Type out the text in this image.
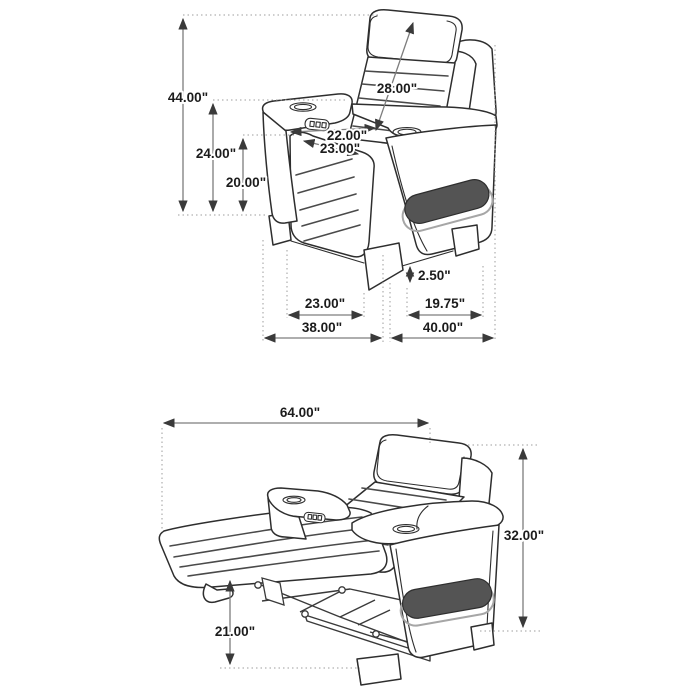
44.00"
24.00"
20.00"
28.00"
22.00"
23.00"
2.50"
23.00"	19.75"
38.00"	40.00"
64.00"
32.00"
21.00"
